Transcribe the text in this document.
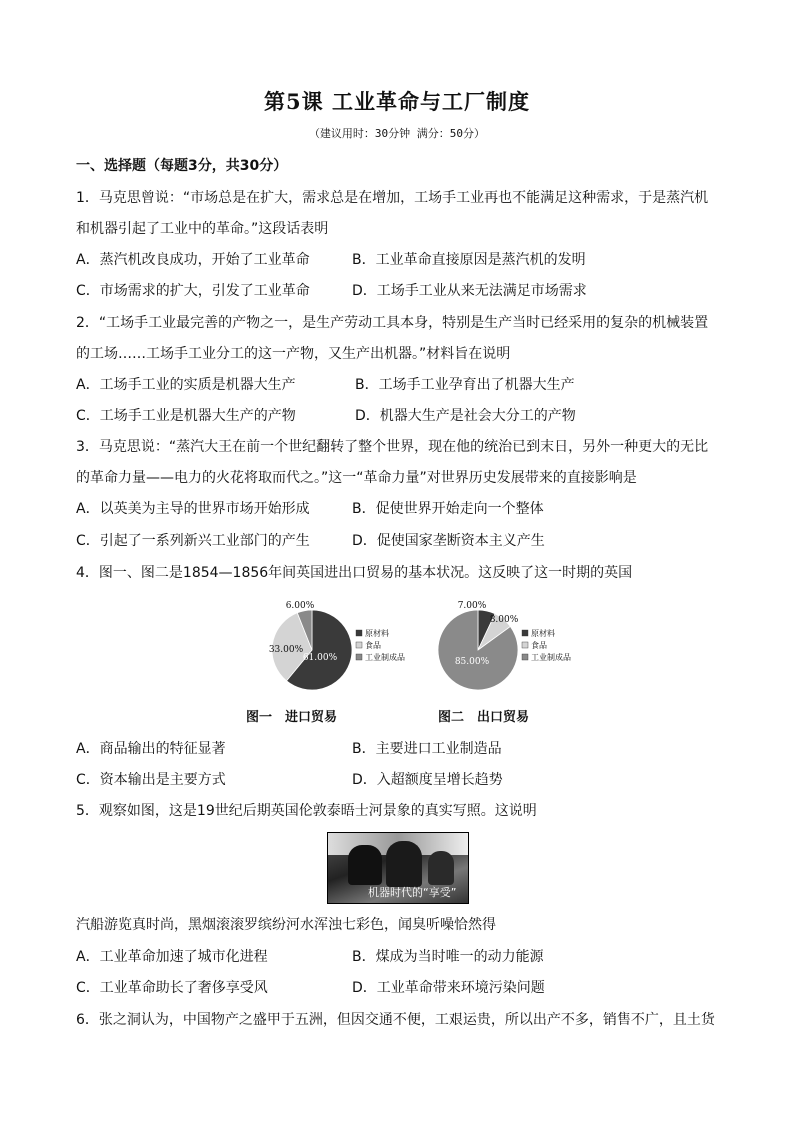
第5课 工业革命与工厂制度
（建议用时：30分钟 满分：50分）
一、选择题（每题3分，共30分）
1．马克思曾说：“市场总是在扩大，需求总是在增加，工场手工业再也不能满足这种需求，于是蒸汽机
和机器引起了工业中的革命。”这段话表明
A．蒸汽机改良成功，开始了工业革命	B．工业革命直接原因是蒸汽机的发明
C．市场需求的扩大，引发了工业革命	D．工场手工业从来无法满足市场需求
2．“工场手工业最完善的产物之一，是生产劳动工具本身，特别是生产当时已经采用的复杂的机械装置
的工场……工场手工业分工的这一产物，又生产出机器。”材料旨在说明
A．工场手工业的实质是机器大生产	B．工场手工业孕育出了机器大生产
C．工场手工业是机器大生产的产物	D．机器大生产是社会大分工的产物
3．马克思说：“蒸汽大王在前一个世纪翻转了整个世界，现在他的统治已到末日，另外一种更大的无比
的革命力量——电力的火花将取而代之。”这一“革命力量”对世界历史发展带来的直接影响是
A．以英美为主导的世界市场开始形成	B．促使世界开始走向一个整体
C．引起了一系列新兴工业部门的产生	D．促使国家垄断资本主义产生
4．图一、图二是1854—1856年间英国进出口贸易的基本状况。这反映了这一时期的英国
61.00%
33.00%
6.00%
原材料
食品
工业制成品
7.00%
8.00%
85.00%
原材料
食品
工业制成品
图一　进口贸易	图二　出口贸易
A．商品输出的特征显著	B．主要进口工业制造品
C．资本输出是主要方式	D．入超额度呈增长趋势
5．观察如图，这是19世纪后期英国伦敦泰晤士河景象的真实写照。这说明
机器时代的“享受”
汽船游览真时尚，黑烟滚滚罗缤纷河水浑浊七彩色，闻臭听噪恰然得
A．工业革命加速了城市化进程	B．煤成为当时唯一的动力能源
C．工业革命助长了奢侈享受风	D．工业革命带来环境污染问题
6．张之洞认为，中国物产之盛甲于五洲，但因交通不便，工艰运贵，所以出产不多，销售不广，且土货
